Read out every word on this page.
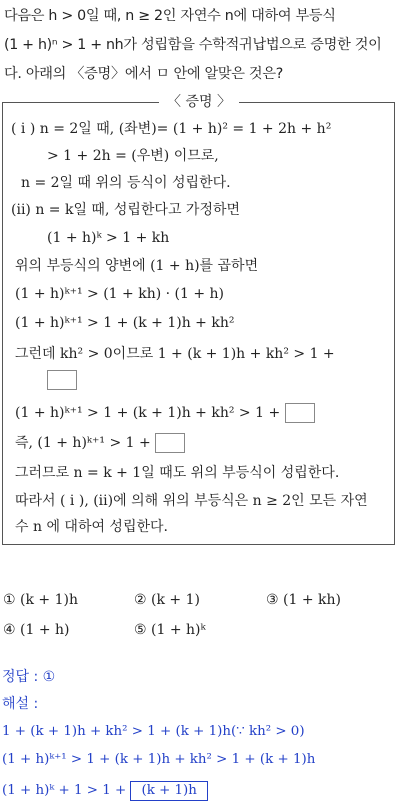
다음은 h > 0일 때, n ≥ 2인 자연수 n에 대하여 부등식
(1 + h)ⁿ > 1 + nh가 성립함을 수학적귀납법으로 증명한 것이
다. 아래의 〈증명〉에서 ㅁ 안에 알맞은 것은?
〈 증명 〉
( i ) n = 2일 때, (좌변)= (1 + h)² = 1 + 2h + h²
> 1 + 2h = (우변) 이므로,
n = 2일 때 위의 등식이 성립한다.
(ii) n = k일 때, 성립한다고 가정하면
(1 + h)ᵏ > 1 + kh
위의 부등식의 양변에 (1 + h)를 곱하면
(1 + h)ᵏ⁺¹ > (1 + kh) · (1 + h)
(1 + h)ᵏ⁺¹ > 1 + (k + 1)h + kh²
그런데 kh² > 0이므로 1 + (k + 1)h + kh² > 1 +
(1 + h)ᵏ⁺¹ > 1 + (k + 1)h + kh² > 1 +
즉, (1 + h)ᵏ⁺¹ > 1 +
그러므로 n = k + 1일 때도 위의 부등식이 성립한다.
따라서 ( i ), (ii)에 의해 위의 부등식은 n ≥ 2인 모든 자연
수 n 에 대하여 성립한다.
① (k + 1)h	② (k + 1)	③ (1 + kh)
④ (1 + h)	⑤ (1 + h)ᵏ
정답 : ①
해설 :
1 + (k + 1)h + kh² > 1 + (k + 1)h(∵ kh² > 0)
(1 + h)ᵏ⁺¹ > 1 + (k + 1)h + kh² > 1 + (k + 1)h
(1 + h)ᵏ + 1 > 1 + (k + 1)h
